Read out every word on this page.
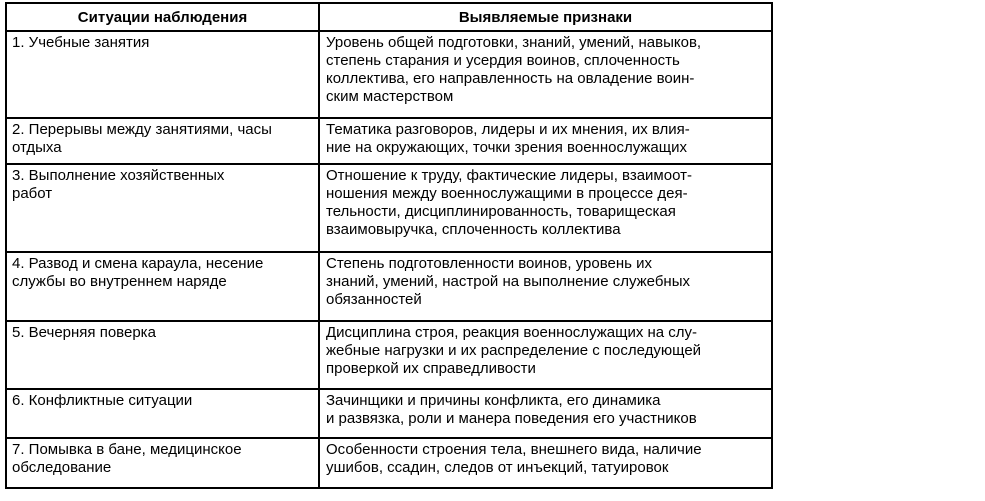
Ситуации наблюдения	Выявляемые признаки

1. Учебные занятия	Уровень общей подготовки, знаний, умений, навыков,
степень старания и усердия воинов, сплоченность
коллектива, его направленность на овладение воин-
ским мастерством

2. Перерывы между занятиями, часы
отдыха	Тематика разговоров, лидеры и их мнения, их влия-
ние на окружающих, точки зрения военнослужащих

3. Выполнение хозяйственных
работ	Отношение к труду, фактические лидеры, взаимоот-
ношения между военнослужащими в процессе дея-
тельности, дисциплинированность, товарищеская
взаимовыручка, сплоченность коллектива

4. Развод и смена караула, несение
службы во внутреннем наряде	Степень подготовленности воинов, уровень их
знаний, умений, настрой на выполнение служебных
обязанностей

5. Вечерняя поверка	Дисциплина строя, реакция военнослужащих на слу-
жебные нагрузки и их распределение с последующей
проверкой их справедливости

6. Конфликтные ситуации	Зачинщики и причины конфликта, его динамика
и развязка, роли и манера поведения его участников

7. Помывка в бане, медицинское
обследование	Особенности строения тела, внешнего вида, наличие
ушибов, ссадин, следов от инъекций, татуировок
